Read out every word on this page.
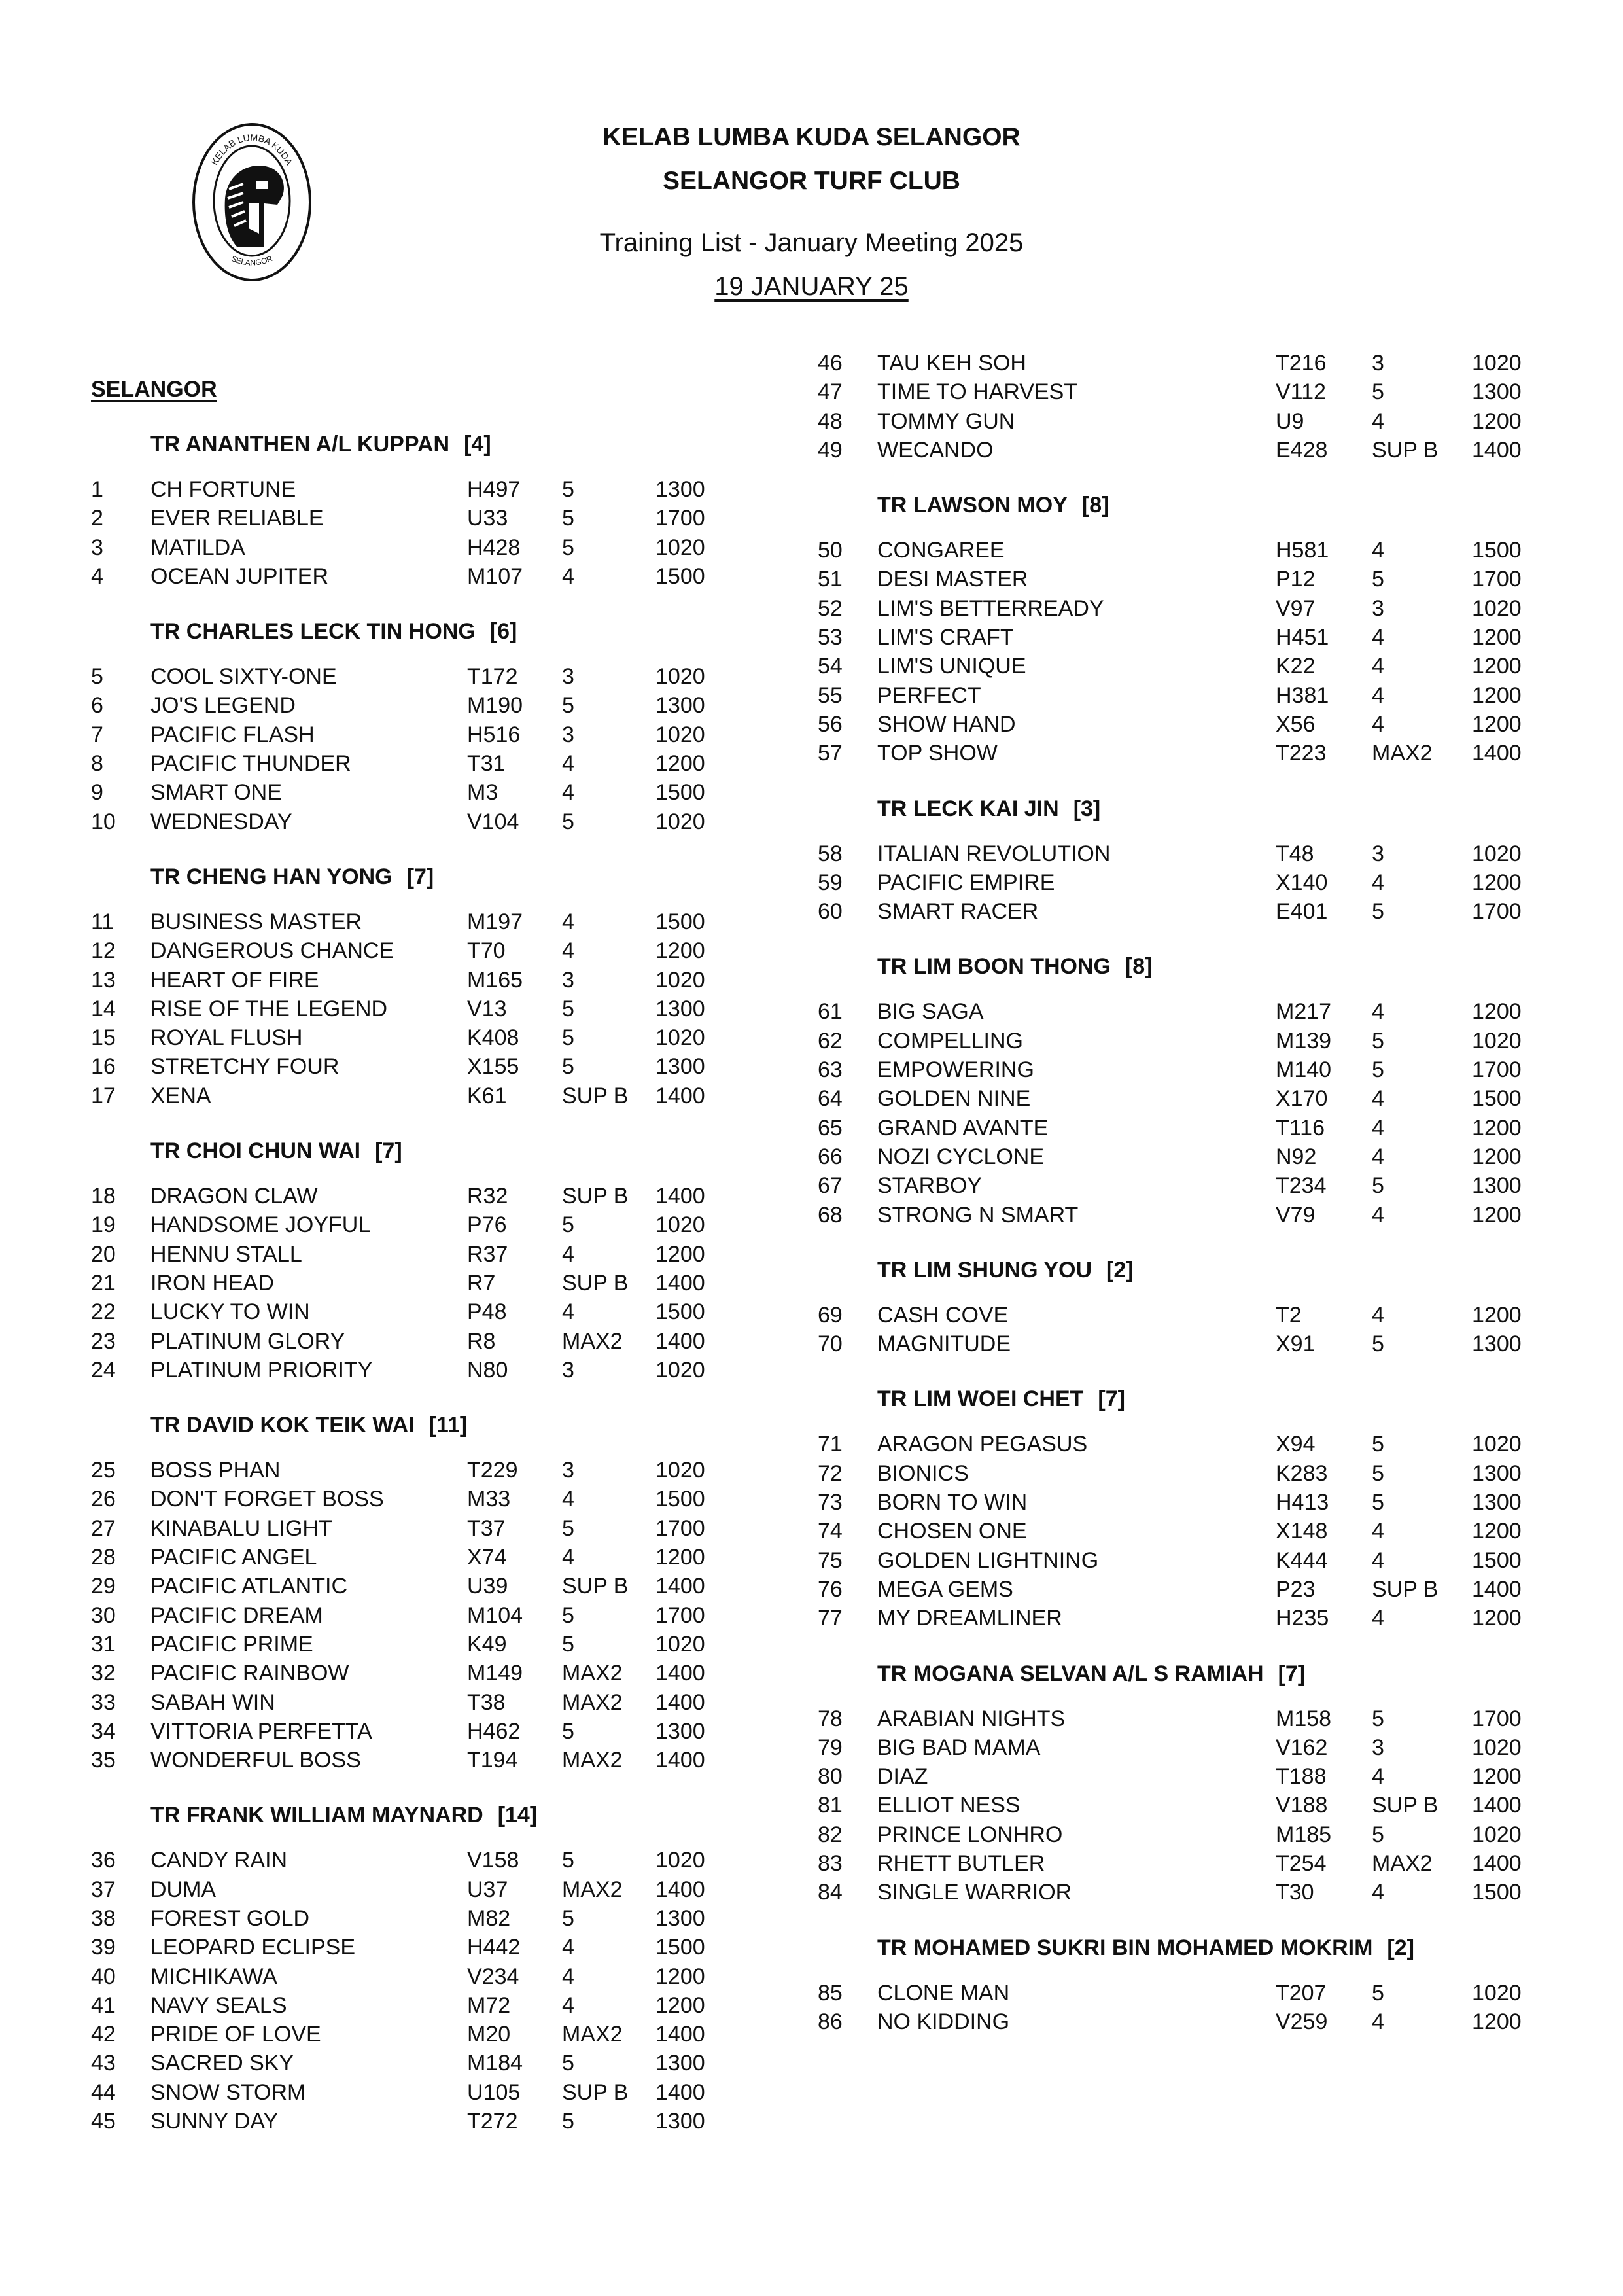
KELAB LUMBA KUDA
SELANGOR
KELAB LUMBA KUDA SELANGOR
SELANGOR TURF CLUB
Training List - January Meeting 2025
19 JANUARY 25
SELANGOR
TR ANANTHEN A/L KUPPAN [4]
1 CH FORTUNE	H497 5	1300
2 EVER RELIABLE	U33 5	1700
3 MATILDA	H428 5	1020
4 OCEAN JUPITER	M107 4	1500
TR CHARLES LECK TIN HONG [6]
5 COOL SIXTY-ONE	T172 3	1020
6 JO'S LEGEND	M190 5	1300
7 PACIFIC FLASH	H516 3	1020
8 PACIFIC THUNDER	T31	4	1200
9 SMART ONE	M3	4	1500
10 WEDNESDAY	V104 5	1020
TR CHENG HAN YONG [7]
11 BUSINESS MASTER	M197 4	1500
12 DANGEROUS CHANCE	T70	4	1200
13 HEART OF FIRE	M165 3	1020
14 RISE OF THE LEGEND	V13 5	1300
15 ROYAL FLUSH	K408 5	1020
16 STRETCHY FOUR	X155 5	1300
17 XENA	K61 SUP B 1400
TR CHOI CHUN WAI [7]
18 DRAGON CLAW	R32 SUP B 1400
19 HANDSOME JOYFUL	P76 5	1020
20 HENNU STALL	R37 4	1200
21 IRON HEAD	R7	SUP B 1400
22 LUCKY TO WIN	P48 4	1500
23 PLATINUM GLORY	R8	MAX2 1400
24 PLATINUM PRIORITY	N80 3	1020
TR DAVID KOK TEIK WAI [11]
25 BOSS PHAN	T229 3	1020
26 DON'T FORGET BOSS	M33 4	1500
27 KINABALU LIGHT	T37	5	1700
28 PACIFIC ANGEL	X74 4	1200
29 PACIFIC ATLANTIC	U39 SUP B 1400
30 PACIFIC DREAM	M104 5	1700
31 PACIFIC PRIME	K49 5	1020
32 PACIFIC RAINBOW	M149 MAX2 1400
33 SABAH WIN	T38	MAX2 1400
34 VITTORIA PERFETTA	H462 5	1300
35 WONDERFUL BOSS	T194 MAX2 1400
TR FRANK WILLIAM MAYNARD [14]
36 CANDY RAIN	V158 5	1020
37 DUMA	U37 MAX2 1400
38 FOREST GOLD	M82 5	1300
39 LEOPARD ECLIPSE	H442 4	1500
40 MICHIKAWA	V234 4	1200
41 NAVY SEALS	M72 4	1200
42 PRIDE OF LOVE	M20 MAX2 1400
43 SACRED SKY	M184 5	1300
44 SNOW STORM	U105 SUP B 1400
45 SUNNY DAY	T272 5	1300
46 TAU KEH SOH	T216 3	1020
47 TIME TO HARVEST	V112 5	1300
48 TOMMY GUN	U9	4	1200
49 WECANDO	E428 SUP B 1400
TR LAWSON MOY [8]
50 CONGAREE	H581 4	1500
51 DESI MASTER	P12	5	1700
52 LIM'S BETTERREADY	V97	3	1020
53 LIM'S CRAFT	H451 4	1200
54 LIM'S UNIQUE	K22	4	1200
55 PERFECT	H381 4	1200
56 SHOW HAND	X56	4	1200
57 TOP SHOW	T223 MAX2 1400
TR LECK KAI JIN [3]
58 ITALIAN REVOLUTION	T48	3	1020
59 PACIFIC EMPIRE	X140 4	1200
60 SMART RACER	E401 5	1700
TR LIM BOON THONG [8]
61 BIG SAGA	M217 4	1200
62 COMPELLING	M139 5	1020
63 EMPOWERING	M140 5	1700
64 GOLDEN NINE	X170 4	1500
65 GRAND AVANTE	T116 4	1200
66 NOZI CYCLONE	N92 4	1200
67 STARBOY	T234 5	1300
68 STRONG N SMART	V79	4	1200
TR LIM SHUNG YOU [2]
69 CASH COVE	T2	4	1200
70 MAGNITUDE	X91	5	1300
TR LIM WOEI CHET [7]
71 ARAGON PEGASUS	X94	5	1020
72 BIONICS	K283 5	1300
73 BORN TO WIN	H413 5	1300
74 CHOSEN ONE	X148 4	1200
75 GOLDEN LIGHTNING	K444 4	1500
76 MEGA GEMS	P23	SUP B 1400
77 MY DREAMLINER	H235 4	1200
TR MOGANA SELVAN A/L S RAMIAH [7]
78 ARABIAN NIGHTS	M158 5	1700
79 BIG BAD MAMA	V162 3	1020
80 DIAZ	T188 4	1200
81 ELLIOT NESS	V188 SUP B 1400
82 PRINCE LONHRO	M185 5	1020
83 RHETT BUTLER	T254 MAX2 1400
84 SINGLE WARRIOR	T30	4	1500
TR MOHAMED SUKRI BIN MOHAMED MOKRIM [2]
85 CLONE MAN	T207 5	1020
86 NO KIDDING	V259 4	1200
